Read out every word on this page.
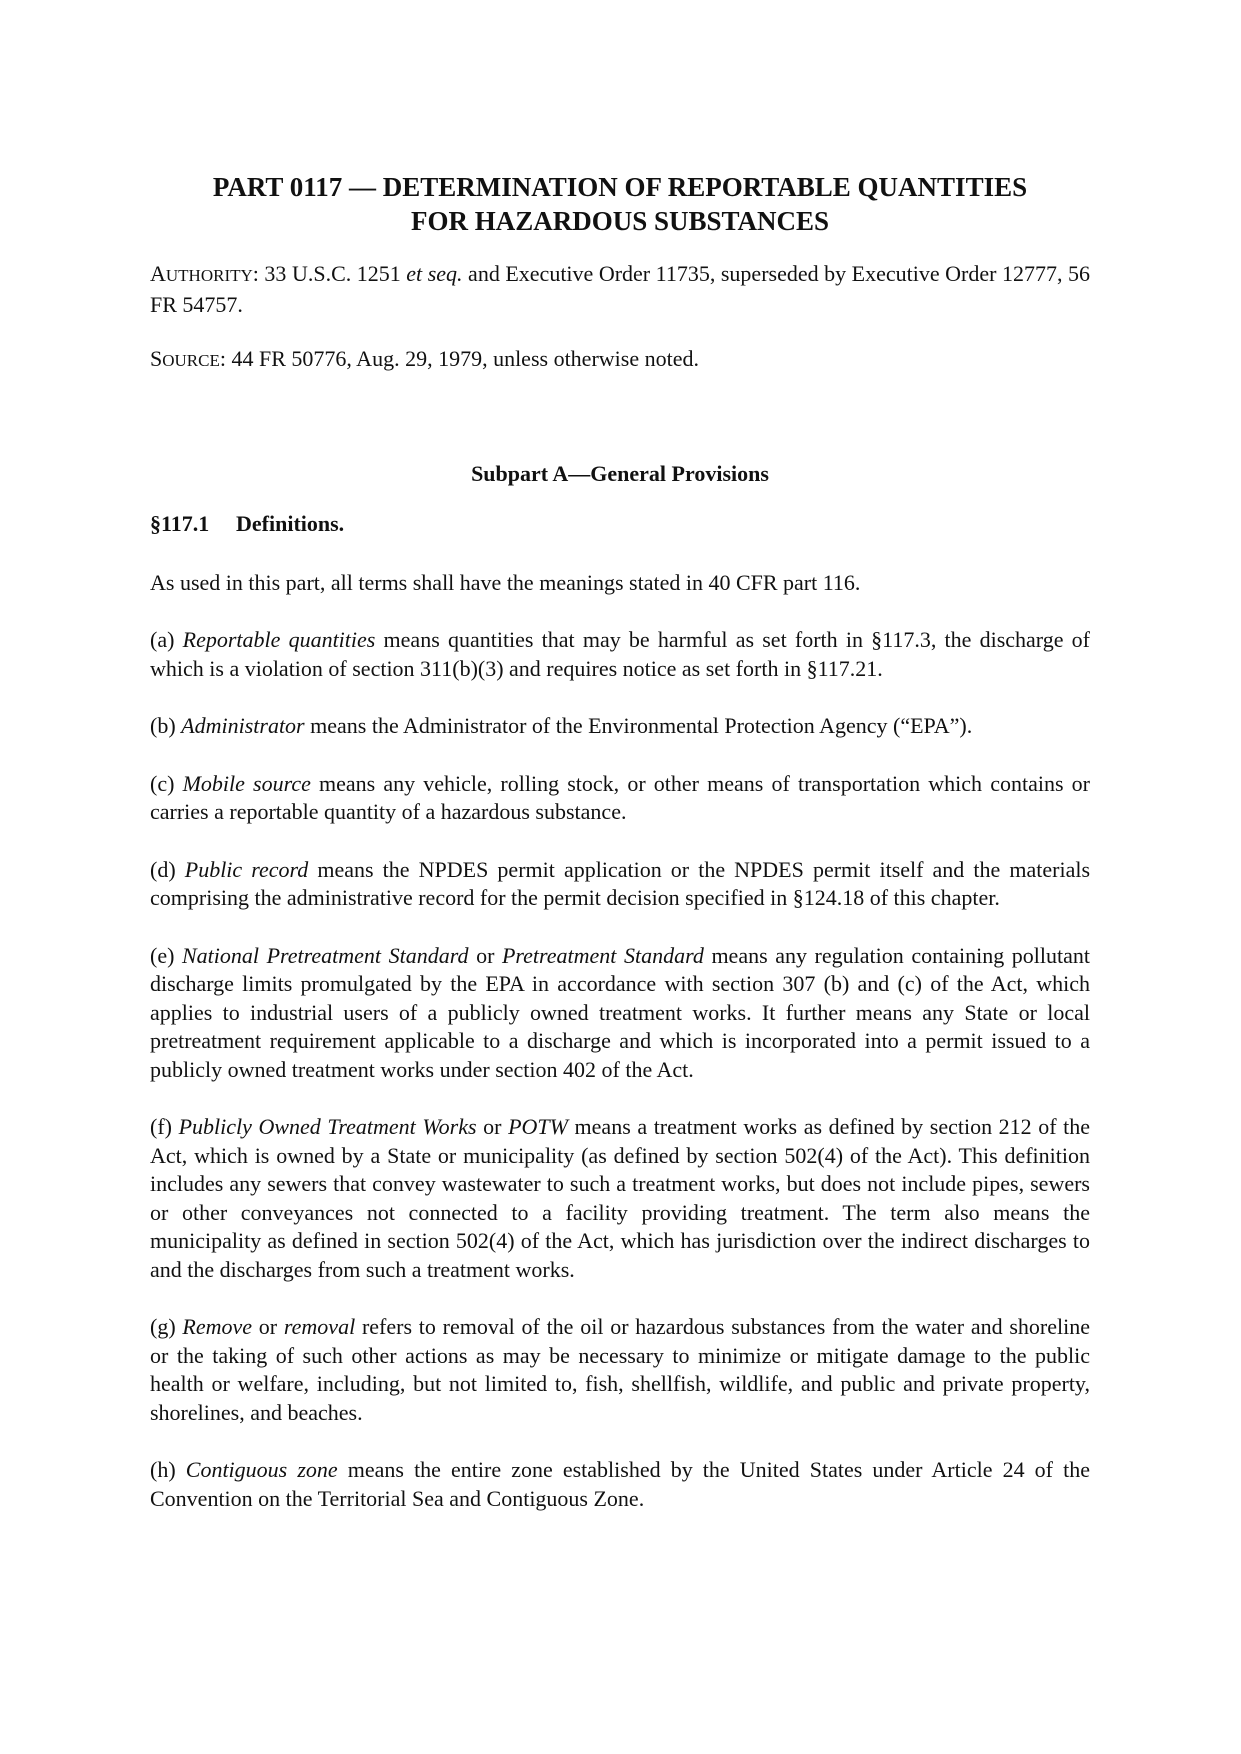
PART 0117 ― DETERMINATION OF REPORTABLE QUANTITIES
FOR HAZARDOUS SUBSTANCES

AUTHORITY: 33 U.S.C. 1251 et seq. and Executive Order 11735, superseded by Executive Order 12777, 56 FR 54757.

SOURCE: 44 FR 50776, Aug. 29, 1979, unless otherwise noted.

Subpart A―General Provisions
§117.1 Definitions.

As used in this part, all terms shall have the meanings stated in 40 CFR part 116.

(a) Reportable quantities means quantities that may be harmful as set forth in §117.3, the discharge of which is a violation of section 311(b)(3) and requires notice as set forth in §117.21.

(b) Administrator means the Administrator of the Environmental Protection Agency (“EPA”).

(c) Mobile source means any vehicle, rolling stock, or other means of transportation which contains or carries a reportable quantity of a hazardous substance.

(d) Public record means the NPDES permit application or the NPDES permit itself and the materials comprising the administrative record for the permit decision specified in §124.18 of this chapter.

(e) National Pretreatment Standard or Pretreatment Standard means any regulation containing pollutant discharge limits promulgated by the EPA in accordance with section 307 (b) and (c) of the Act, which applies to industrial users of a publicly owned treatment works. It further means any State or local pretreatment requirement applicable to a discharge and which is incorporated into a permit issued to a publicly owned treatment works under section 402 of the Act.

(f) Publicly Owned Treatment Works or POTW means a treatment works as defined by section 212 of the Act, which is owned by a State or municipality (as defined by section 502(4) of the Act). This definition includes any sewers that convey wastewater to such a treatment works, but does not include pipes, sewers or other conveyances not connected to a facility providing treatment. The term also means the municipality as defined in section 502(4) of the Act, which has jurisdiction over the indirect discharges to and the discharges from such a treatment works.

(g) Remove or removal refers to removal of the oil or hazardous substances from the water and shoreline or the taking of such other actions as may be necessary to minimize or mitigate damage to the public health or welfare, including, but not limited to, fish, shellfish, wildlife, and public and private property, shorelines, and beaches.

(h) Contiguous zone means the entire zone established by the United States under Article 24 of the Convention on the Territorial Sea and Contiguous Zone.
